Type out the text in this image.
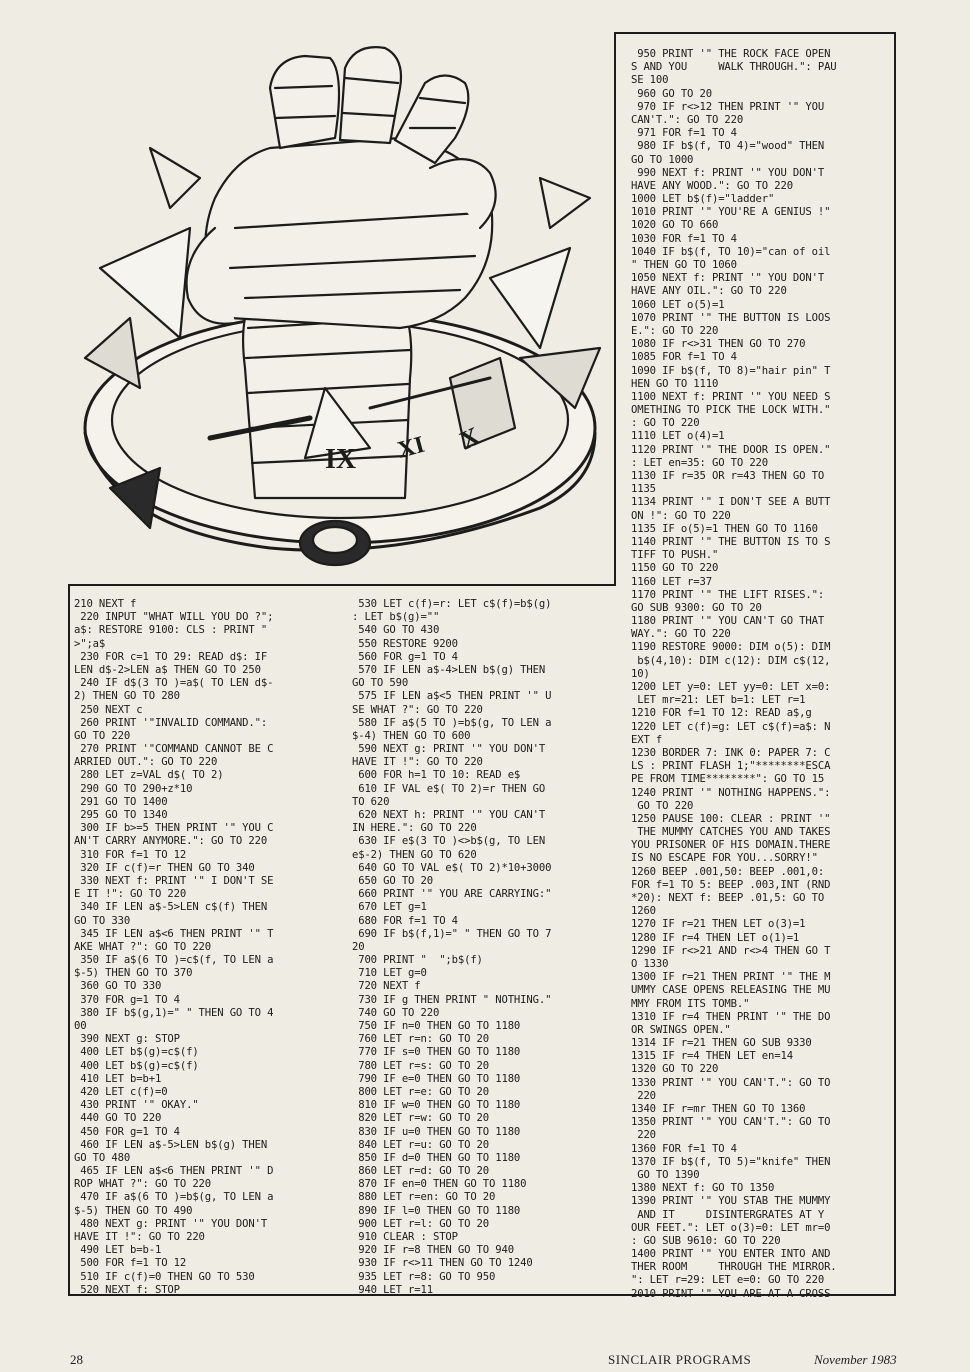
IX
X
XI
210 NEXT f
220 INPUT "WHAT WILL YOU DO ?";
a$: RESTORE 9100: CLS : PRINT "
>";a$
230 FOR c=1 TO 29: READ d$: IF
LEN d$-2>LEN a$ THEN GO TO 250
240 IF d$(3 TO )=a$( TO LEN d$-
2) THEN GO TO 280
250 NEXT c
260 PRINT '"INVALID COMMAND.":
GO TO 220
270 PRINT '"COMMAND CANNOT BE C
ARRIED OUT.": GO TO 220
280 LET z=VAL d$( TO 2)
290 GO TO 290+z*10
291 GO TO 1400
295 GO TO 1340
300 IF b>=5 THEN PRINT '" YOU C
AN'T CARRY ANYMORE.": GO TO 220
310 FOR f=1 TO 12
320 IF c(f)=r THEN GO TO 340
330 NEXT f: PRINT '" I DON'T SE
E IT !": GO TO 220
340 IF LEN a$-5>LEN c$(f) THEN
GO TO 330
345 IF LEN a$<6 THEN PRINT '" T
AKE WHAT ?": GO TO 220
350 IF a$(6 TO )=c$(f, TO LEN a
$-5) THEN GO TO 370
360 GO TO 330
370 FOR g=1 TO 4
380 IF b$(g,1)=" " THEN GO TO 4
00
390 NEXT g: STOP
400 LET b$(g)=c$(f)
400 LET b$(g)=c$(f)
410 LET b=b+1
420 LET c(f)=0
430 PRINT '" OKAY."
440 GO TO 220
450 FOR g=1 TO 4
460 IF LEN a$-5>LEN b$(g) THEN
GO TO 480
465 IF LEN a$<6 THEN PRINT '" D
ROP WHAT ?": GO TO 220
470 IF a$(6 TO )=b$(g, TO LEN a
$-5) THEN GO TO 490
480 NEXT g: PRINT '" YOU DON'T
HAVE IT !": GO TO 220
490 LET b=b-1
500 FOR f=1 TO 12
510 IF c(f)=0 THEN GO TO 530
520 NEXT f: STOP
530 LET c(f)=r: LET c$(f)=b$(g)
: LET b$(g)=""
540 GO TO 430
550 RESTORE 9200
560 FOR g=1 TO 4
570 IF LEN a$-4>LEN b$(g) THEN
GO TO 590
575 IF LEN a$<5 THEN PRINT '" U
SE WHAT ?": GO TO 220
580 IF a$(5 TO )=b$(g, TO LEN a
$-4) THEN GO TO 600
590 NEXT g: PRINT '" YOU DON'T
HAVE IT !": GO TO 220
600 FOR h=1 TO 10: READ e$
610 IF VAL e$( TO 2)=r THEN GO
TO 620
620 NEXT h: PRINT '" YOU CAN'T
IN HERE.": GO TO 220
630 IF e$(3 TO )<>b$(g, TO LEN
e$-2) THEN GO TO 620
640 GO TO VAL e$( TO 2)*10+3000
650 GO TO 20
660 PRINT '" YOU ARE CARRYING:"
670 LET g=1
680 FOR f=1 TO 4
690 IF b$(f,1)=" " THEN GO TO 7
20
700 PRINT "  ";b$(f)
710 LET g=0
720 NEXT f
730 IF g THEN PRINT " NOTHING."
740 GO TO 220
750 IF n=0 THEN GO TO 1180
760 LET r=n: GO TO 20
770 IF s=0 THEN GO TO 1180
780 LET r=s: GO TO 20
790 IF e=0 THEN GO TO 1180
800 LET r=e: GO TO 20
810 IF w=0 THEN GO TO 1180
820 LET r=w: GO TO 20
830 IF u=0 THEN GO TO 1180
840 LET r=u: GO TO 20
850 IF d=0 THEN GO TO 1180
860 LET r=d: GO TO 20
870 IF en=0 THEN GO TO 1180
880 LET r=en: GO TO 20
890 IF l=0 THEN GO TO 1180
900 LET r=l: GO TO 20
910 CLEAR : STOP
920 IF r=8 THEN GO TO 940
930 IF r<>11 THEN GO TO 1240
935 LET r=8: GO TO 950
940 LET r=11
950 PRINT '" THE ROCK FACE OPEN
S AND YOU     WALK THROUGH.": PAU
SE 100
960 GO TO 20
970 IF r<>12 THEN PRINT '" YOU
CAN'T.": GO TO 220
971 FOR f=1 TO 4
980 IF b$(f, TO 4)="wood" THEN
GO TO 1000
990 NEXT f: PRINT '" YOU DON'T
HAVE ANY WOOD.": GO TO 220
1000 LET b$(f)="ladder"
1010 PRINT '" YOU'RE A GENIUS !"
1020 GO TO 660
1030 FOR f=1 TO 4
1040 IF b$(f, TO 10)="can of oil
" THEN GO TO 1060
1050 NEXT f: PRINT '" YOU DON'T
HAVE ANY OIL.": GO TO 220
1060 LET o(5)=1
1070 PRINT '" THE BUTTON IS LOOS
E.": GO TO 220
1080 IF r<>31 THEN GO TO 270
1085 FOR f=1 TO 4
1090 IF b$(f, TO 8)="hair pin" T
HEN GO TO 1110
1100 NEXT f: PRINT '" YOU NEED S
OMETHING TO PICK THE LOCK WITH."
: GO TO 220
1110 LET o(4)=1
1120 PRINT '" THE DOOR IS OPEN."
: LET en=35: GO TO 220
1130 IF r=35 OR r=43 THEN GO TO
1135
1134 PRINT '" I DON'T SEE A BUTT
ON !": GO TO 220
1135 IF o(5)=1 THEN GO TO 1160
1140 PRINT '" THE BUTTON IS TO S
TIFF TO PUSH."
1150 GO TO 220
1160 LET r=37
1170 PRINT '" THE LIFT RISES.":
GO SUB 9300: GO TO 20
1180 PRINT '" YOU CAN'T GO THAT
WAY.": GO TO 220
1190 RESTORE 9000: DIM o(5): DIM
b$(4,10): DIM c(12): DIM c$(12,
10)
1200 LET y=0: LET yy=0: LET x=0:
LET mr=21: LET b=1: LET r=1
1210 FOR f=1 TO 12: READ a$,g
1220 LET c(f)=g: LET c$(f)=a$: N
EXT f
1230 BORDER 7: INK 0: PAPER 7: C
LS : PRINT FLASH 1;"********ESCA
PE FROM TIME********": GO TO 15
1240 PRINT '" NOTHING HAPPENS.":
GO TO 220
1250 PAUSE 100: CLEAR : PRINT '"
THE MUMMY CATCHES YOU AND TAKES
YOU PRISONER OF HIS DOMAIN.THERE
IS NO ESCAPE FOR YOU...SORRY!"
1260 BEEP .001,50: BEEP .001,0:
FOR f=1 TO 5: BEEP .003,INT (RND
*20): NEXT f: BEEP .01,5: GO TO
1260
1270 IF r=21 THEN LET o(3)=1
1280 IF r=4 THEN LET o(1)=1
1290 IF r<>21 AND r<>4 THEN GO T
O 1330
1300 IF r=21 THEN PRINT '" THE M
UMMY CASE OPENS RELEASING THE MU
MMY FROM ITS TOMB."
1310 IF r=4 THEN PRINT '" THE DO
OR SWINGS OPEN."
1314 IF r=21 THEN GO SUB 9330
1315 IF r=4 THEN LET en=14
1320 GO TO 220
1330 PRINT '" YOU CAN'T.": GO TO
220
1340 IF r=mr THEN GO TO 1360
1350 PRINT '" YOU CAN'T.": GO TO
220
1360 FOR f=1 TO 4
1370 IF b$(f, TO 5)="knife" THEN
GO TO 1390
1380 NEXT f: GO TO 1350
1390 PRINT '" YOU STAB THE MUMMY
AND IT     DISINTERGRATES AT Y
OUR FEET.": LET o(3)=0: LET mr=0
: GO SUB 9610: GO TO 220
1400 PRINT '" YOU ENTER INTO AND
THER ROOM     THROUGH THE MIRROR.
": LET r=29: LET e=0: GO TO 220
2010 PRINT '" YOU ARE AT A CROSS
28	SINCLAIR PROGRAMS	November 1983
